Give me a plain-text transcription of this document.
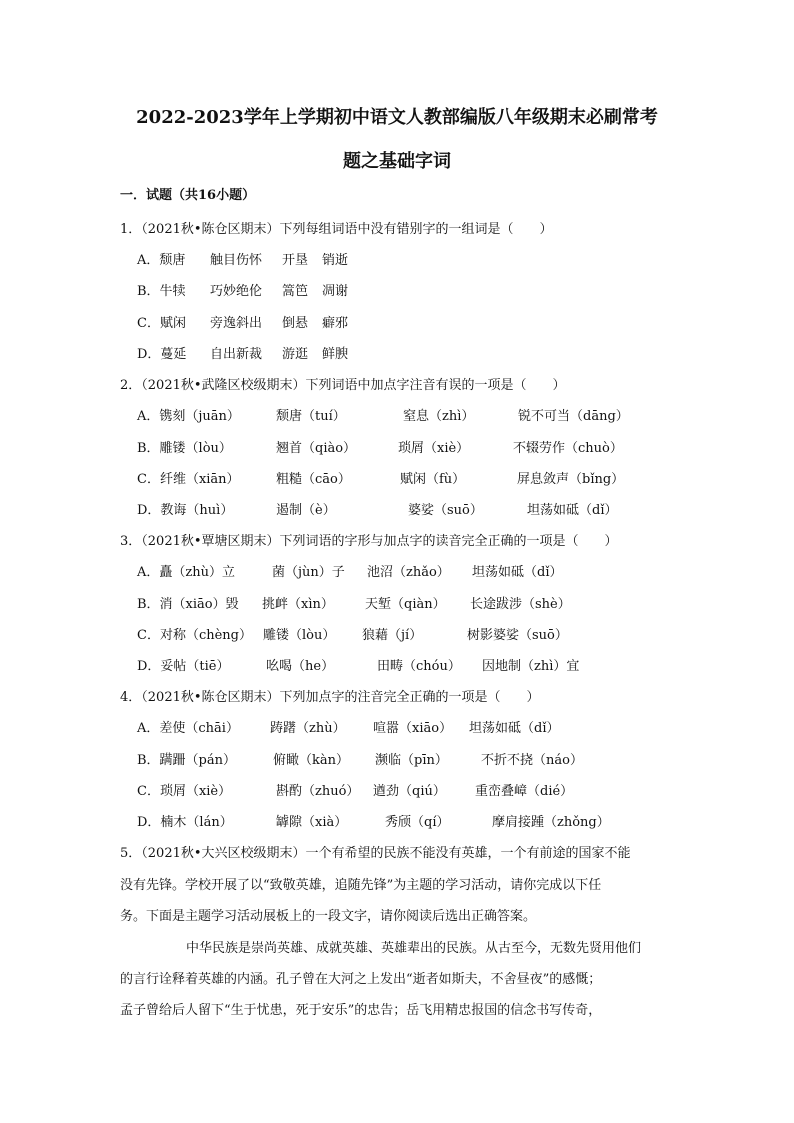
2022-2023学年上学期初中语文人教部编版八年级期末必刷常考
题之基础字词
一．试题（共16小题）
1．（2021秋•陈仓区期末）下列每组词语中没有错别字的一组词是（　　）
A．颓唐 触目伤怀 开垦 销逝
B．牛犊 巧妙绝伦 篙笆 凋谢
C．赋闲 旁逸斜出 倒悬 癖邪
D．蔓延 自出新裁 游逛 鲜腴
2．（2021秋•武隆区校级期末）下列词语中加点字注音有误的一项是（　　）
A．镌刻（juān）	颓唐（tuí）	窒息（zhì）	锐不可当（dāng）
B．雕镂（lòu）	翘首（qiào）	琐屑（xiè）	不辍劳作（chuò）
C．纤维（xiān）	粗糙（cāo）	赋闲（fù）	屏息敛声（bǐng）
D．教诲（huì）	遏制（è）	婆娑（suō）	坦荡如砥（dǐ）
3．（2021秋•覃塘区期末）下列词语的字形与加点字的读音完全正确的一项是（　　）
A．矗（zhù）立	菌（jùn）子 池沼（zhǎo） 坦荡如砥（dǐ）
B．消（xiāo）毁 挑衅（xìn） 天堑（qiàn） 长途跋涉（shè）
C．对称（chèng） 雕镂（lòu） 狼藉（jí）	树影婆娑（suō）
D．妥帖（tiē）	吆喝（he）	田畴（chóu） 因地制（zhì）宜
4．（2021秋•陈仓区期末）下列加点字的注音完全正确的一项是（　　）
A．差使（chāi） 踌躇（zhù） 喧嚣（xiāo） 坦荡如砥（dǐ）
B．蹒跚（pán）	俯瞰（kàn） 濒临（pīn）	不折不挠（náo）
C．琐屑（xiè）	斟酌（zhuó） 遒劲（qiú） 重峦叠嶂（dié）
D．楠木（lán）	罅隙（xià）	秀颀（qí）	摩肩接踵（zhǒng）
5．（2021秋•大兴区校级期末）一个有希望的民族不能没有英雄，一个有前途的国家不能
没有先锋。学校开展了以“致敬英雄，追随先锋”为主题的学习活动，请你完成以下任
务。下面是主题学习活动展板上的一段文字，请你阅读后选出正确答案。
中华民族是崇尚英雄、成就英雄、英雄辈出的民族。从古至今，无数先贤用他们
的言行诠释着英雄的内涵。孔子曾在大河之上发出“逝者如斯夫，不舍昼夜”的感慨；
孟子曾给后人留下“生于忧患，死于安乐”的忠告；岳飞用精忠报国的信念书写传奇，
